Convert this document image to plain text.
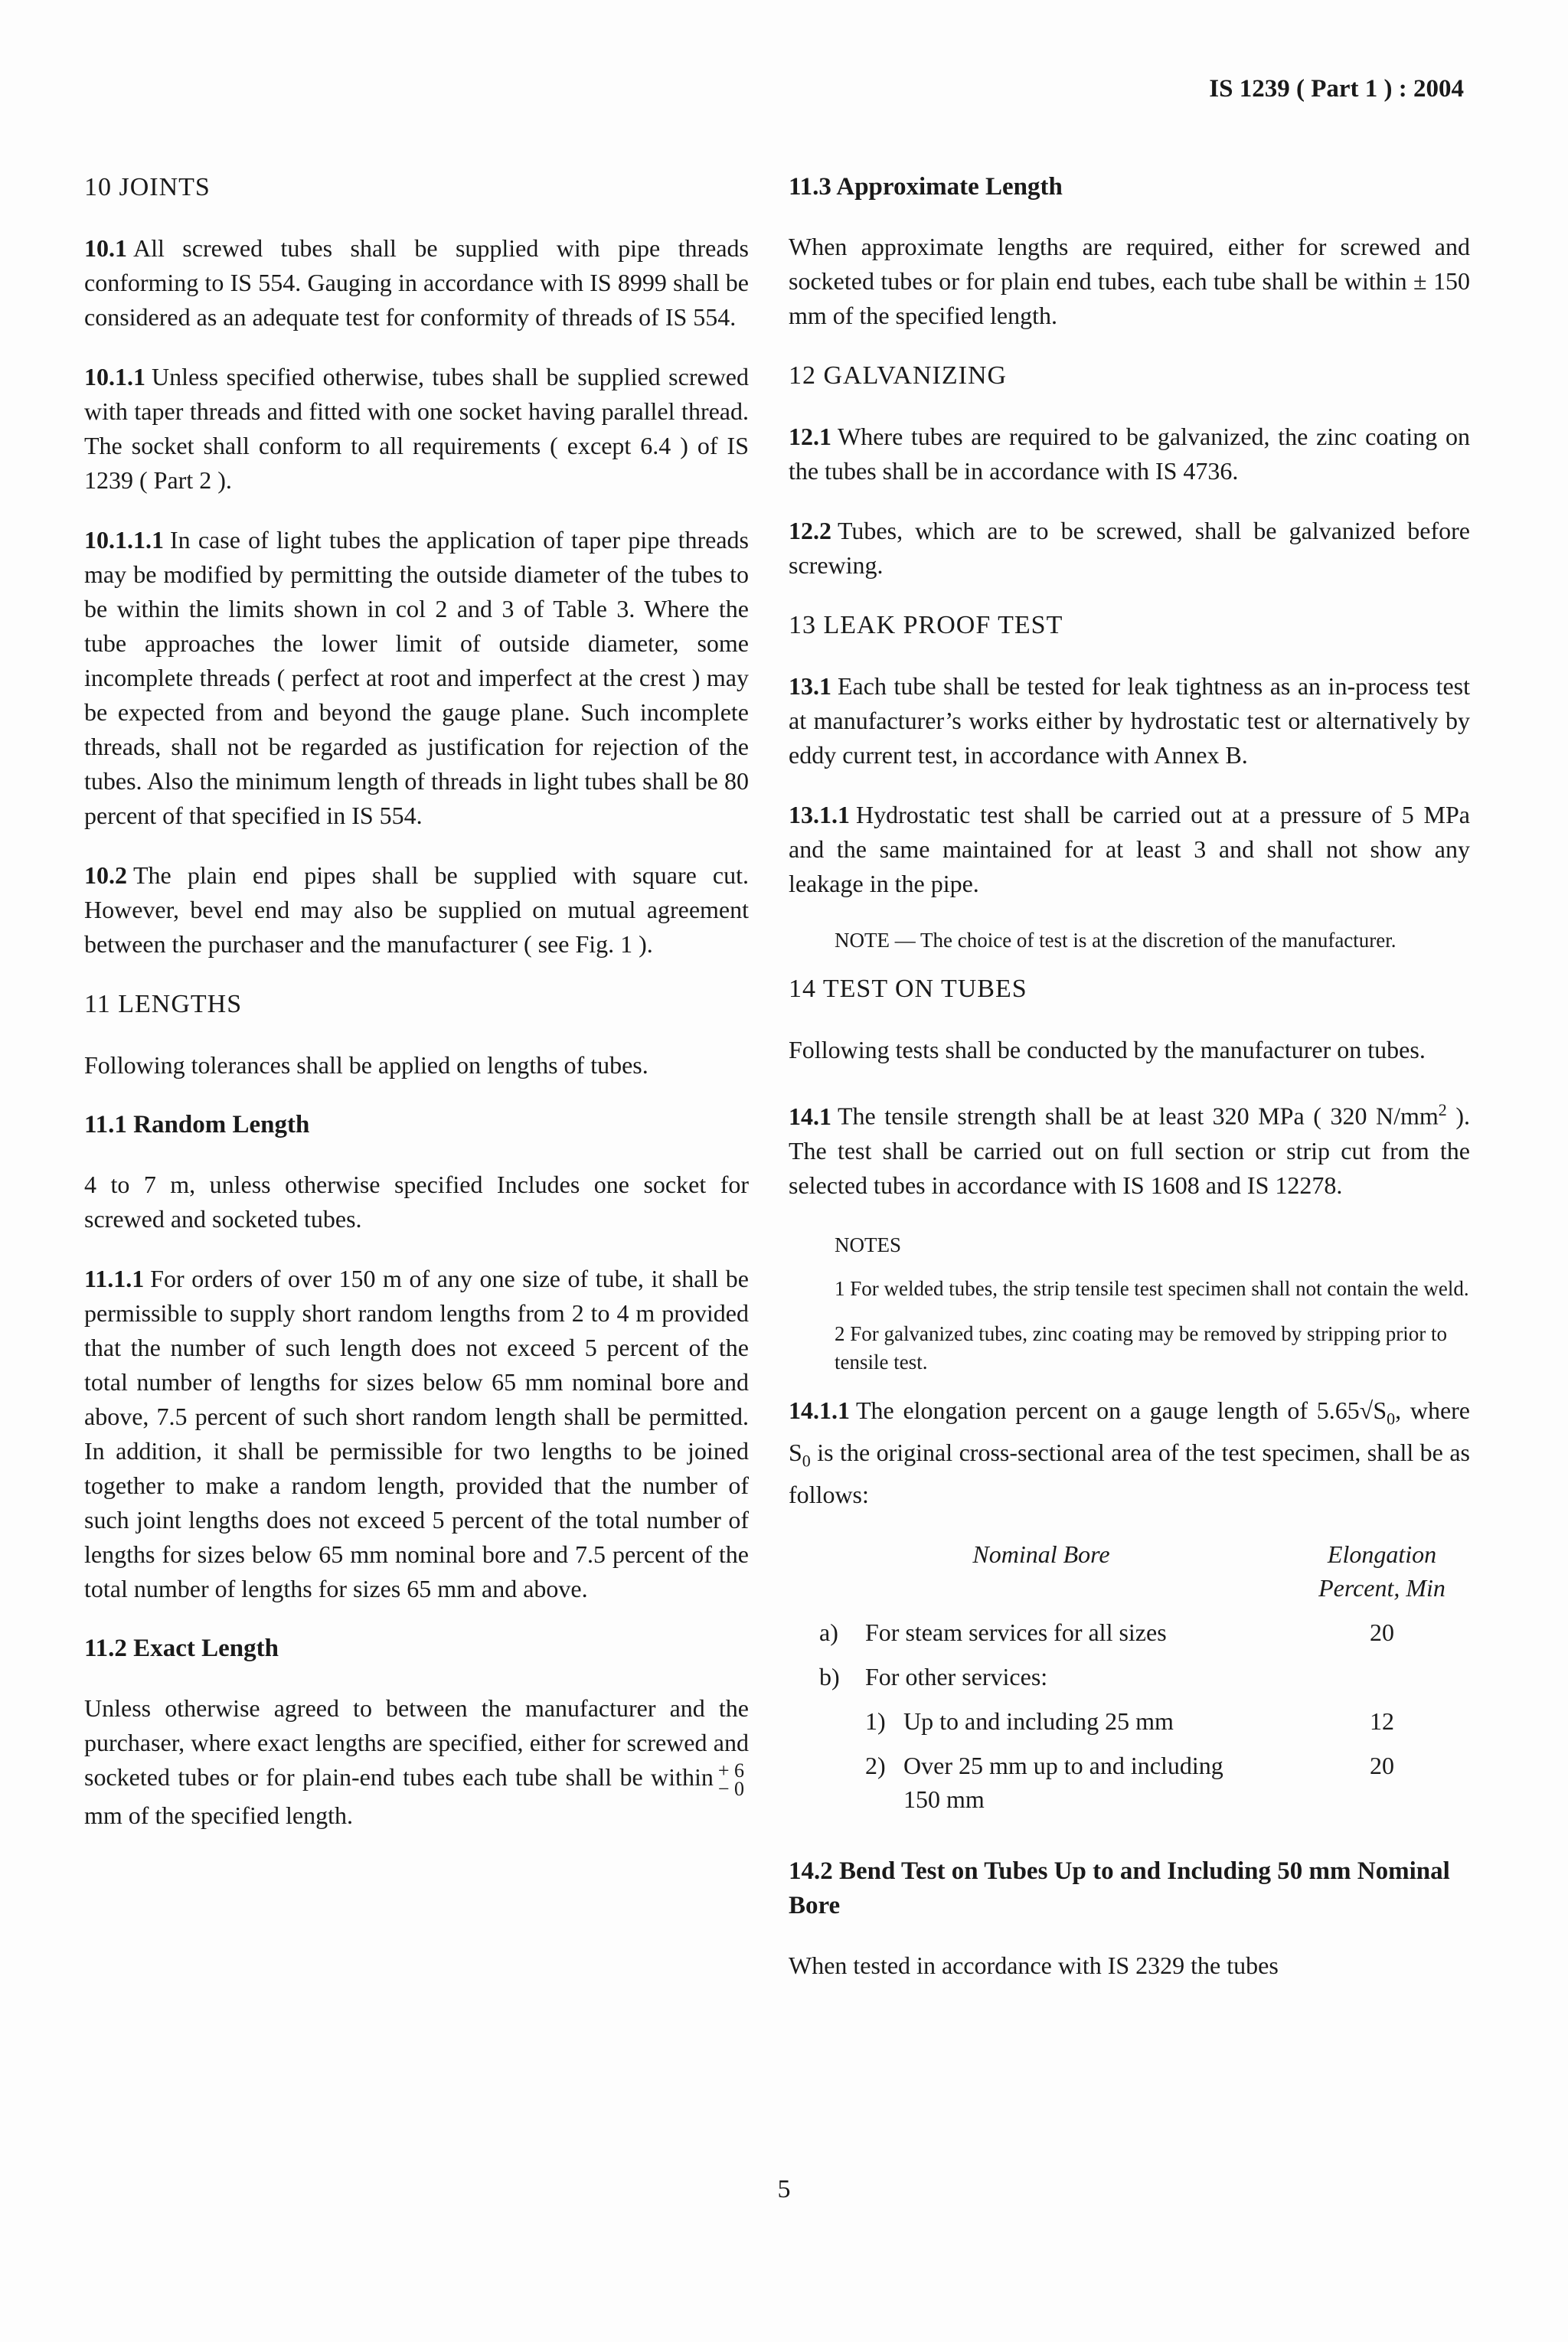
IS 1239 ( Part 1 ) : 2004
10 JOINTS

10.1 All screwed tubes shall be supplied with pipe threads conforming to IS 554. Gauging in accordance with IS 8999 shall be considered as an adequate test for conformity of threads of IS 554.

10.1.1 Unless specified otherwise, tubes shall be supplied screwed with taper threads and fitted with one socket having parallel thread. The socket shall conform to all requirements ( except 6.4 ) of IS 1239 ( Part 2 ).

10.1.1.1 In case of light tubes the application of taper pipe threads may be modified by permitting the outside diameter of the tubes to be within the limits shown in col 2 and 3 of Table 3. Where the tube approaches the lower limit of outside diameter, some incomplete threads ( perfect at root and imperfect at the crest ) may be expected from and beyond the gauge plane. Such incomplete threads, shall not be regarded as justification for rejection of the tubes. Also the minimum length of threads in light tubes shall be 80 percent of that specified in IS 554.

10.2 The plain end pipes shall be supplied with square cut. However, bevel end may also be supplied on mutual agreement between the purchaser and the manufacturer ( see Fig. 1 ).

11 LENGTHS

Following tolerances shall be applied on lengths of tubes.

11.1 Random Length

4 to 7 m, unless otherwise specified Includes one socket for screwed and socketed tubes.

11.1.1 For orders of over 150 m of any one size of tube, it shall be permissible to supply short random lengths from 2 to 4 m provided that the number of such length does not exceed 5 percent of the total number of lengths for sizes below 65 mm nominal bore and above, 7.5 percent of such short random length shall be permitted. In addition, it shall be permissible for two lengths to be joined together to make a random length, provided that the number of such joint lengths does not exceed 5 percent of the total number of lengths for sizes below 65 mm nominal bore and 7.5 percent of the total number of lengths for sizes 65 mm and above.

11.2 Exact Length

Unless otherwise agreed to between the manufacturer and the purchaser, where exact lengths are specified, either for screwed and socketed tubes or for plain-end tubes each tube shall be within + 6
− 0
mm of the specified length.

11.3 Approximate Length

When approximate lengths are required, either for screwed and socketed tubes or for plain end tubes, each tube shall be within ± 150 mm of the specified length.

12 GALVANIZING

12.1 Where tubes are required to be galvanized, the zinc coating on the tubes shall be in accordance with IS 4736.

12.2 Tubes, which are to be screwed, shall be galvanized before screwing.

13 LEAK PROOF TEST

13.1 Each tube shall be tested for leak tightness as an in-process test at manufacturer’s works either by hydrostatic test or alternatively by eddy current test, in accordance with Annex B.

13.1.1 Hydrostatic test shall be carried out at a pressure of 5 MPa and the same maintained for at least 3 and shall not show any leakage in the pipe.

NOTE — The choice of test is at the discretion of the manufacturer.
14 TEST ON TUBES

Following tests shall be conducted by the manufacturer on tubes.

14.1 The tensile strength shall be at least 320 MPa ( 320 $N/mm^2$ ). The test shall be carried out on full section or strip cut from the selected tubes in accordance with IS 1608 and IS 12278.

NOTES
1 For welded tubes, the strip tensile test specimen shall not contain the weld.
2 For galvanized tubes, zinc coating may be removed by stripping prior to tensile test.

14.1.1 The elongation percent on a gauge length of $5.65√S_0$, where $S_0$ is the original cross-sectional area of the test specimen, shall be as follows:

Nominal Bore		Elongation
Percent, Min

a)	For steam services for all sizes	20
b)	For other services:	
	1) Up to and including 25 mm	12
	2) Over 25 mm up to and including 150 mm	20
14.2 Bend Test on Tubes Up to and Including 50 mm Nominal Bore

When tested in accordance with IS 2329 the tubes

5
